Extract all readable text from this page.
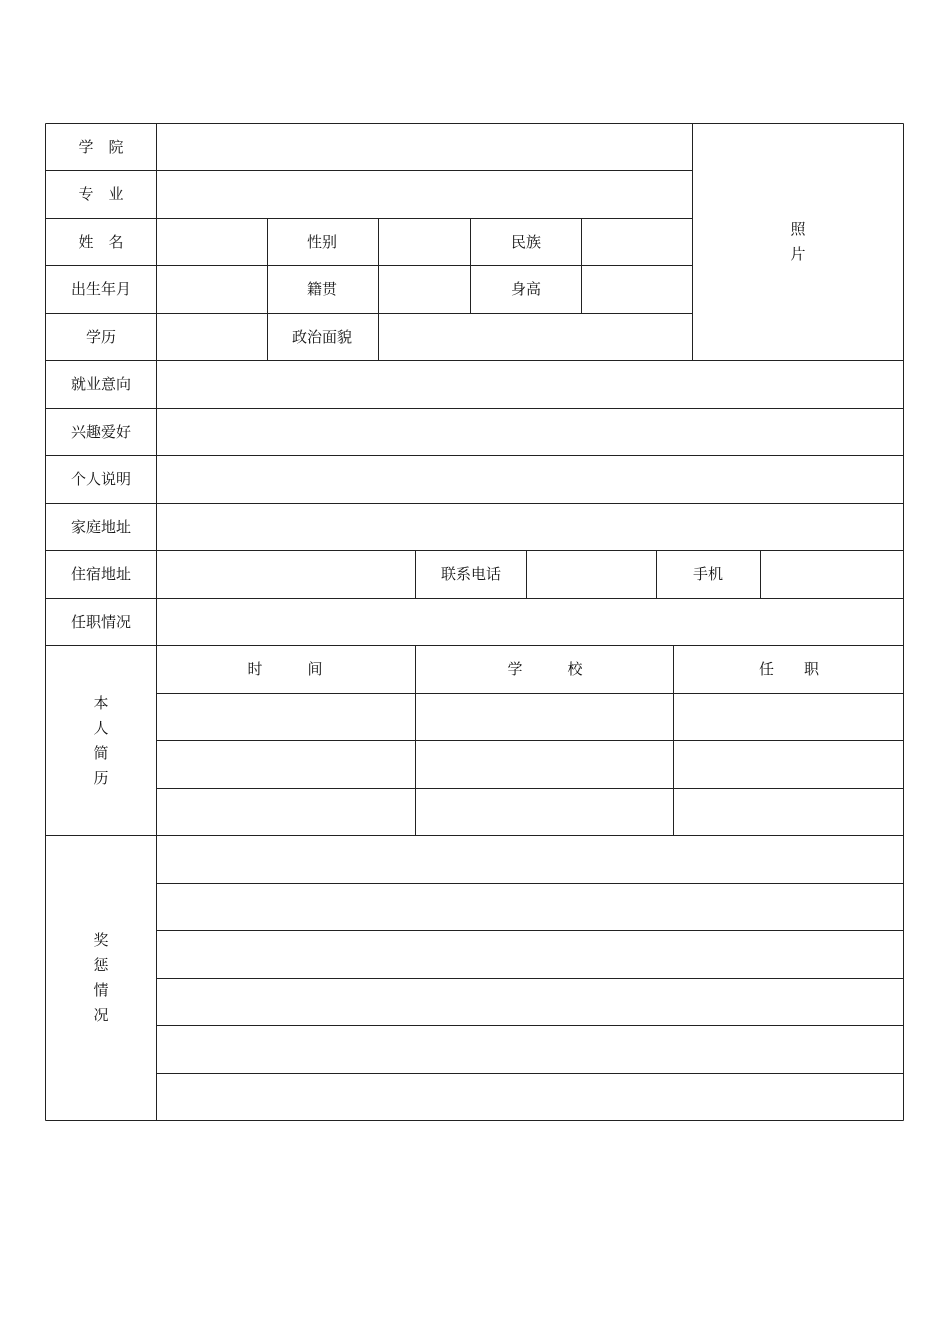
学　院
专　业
姓　名	性别	民族
出生年月	籍贯	身高
学历	政治面貌
照
片
就业意向
兴趣爱好
个人说明
家庭地址
住宿地址	联系电话	手机
任职情况
本
人
简
历
时　　　间	学　　　校	任　　职
奖
惩
情
况
